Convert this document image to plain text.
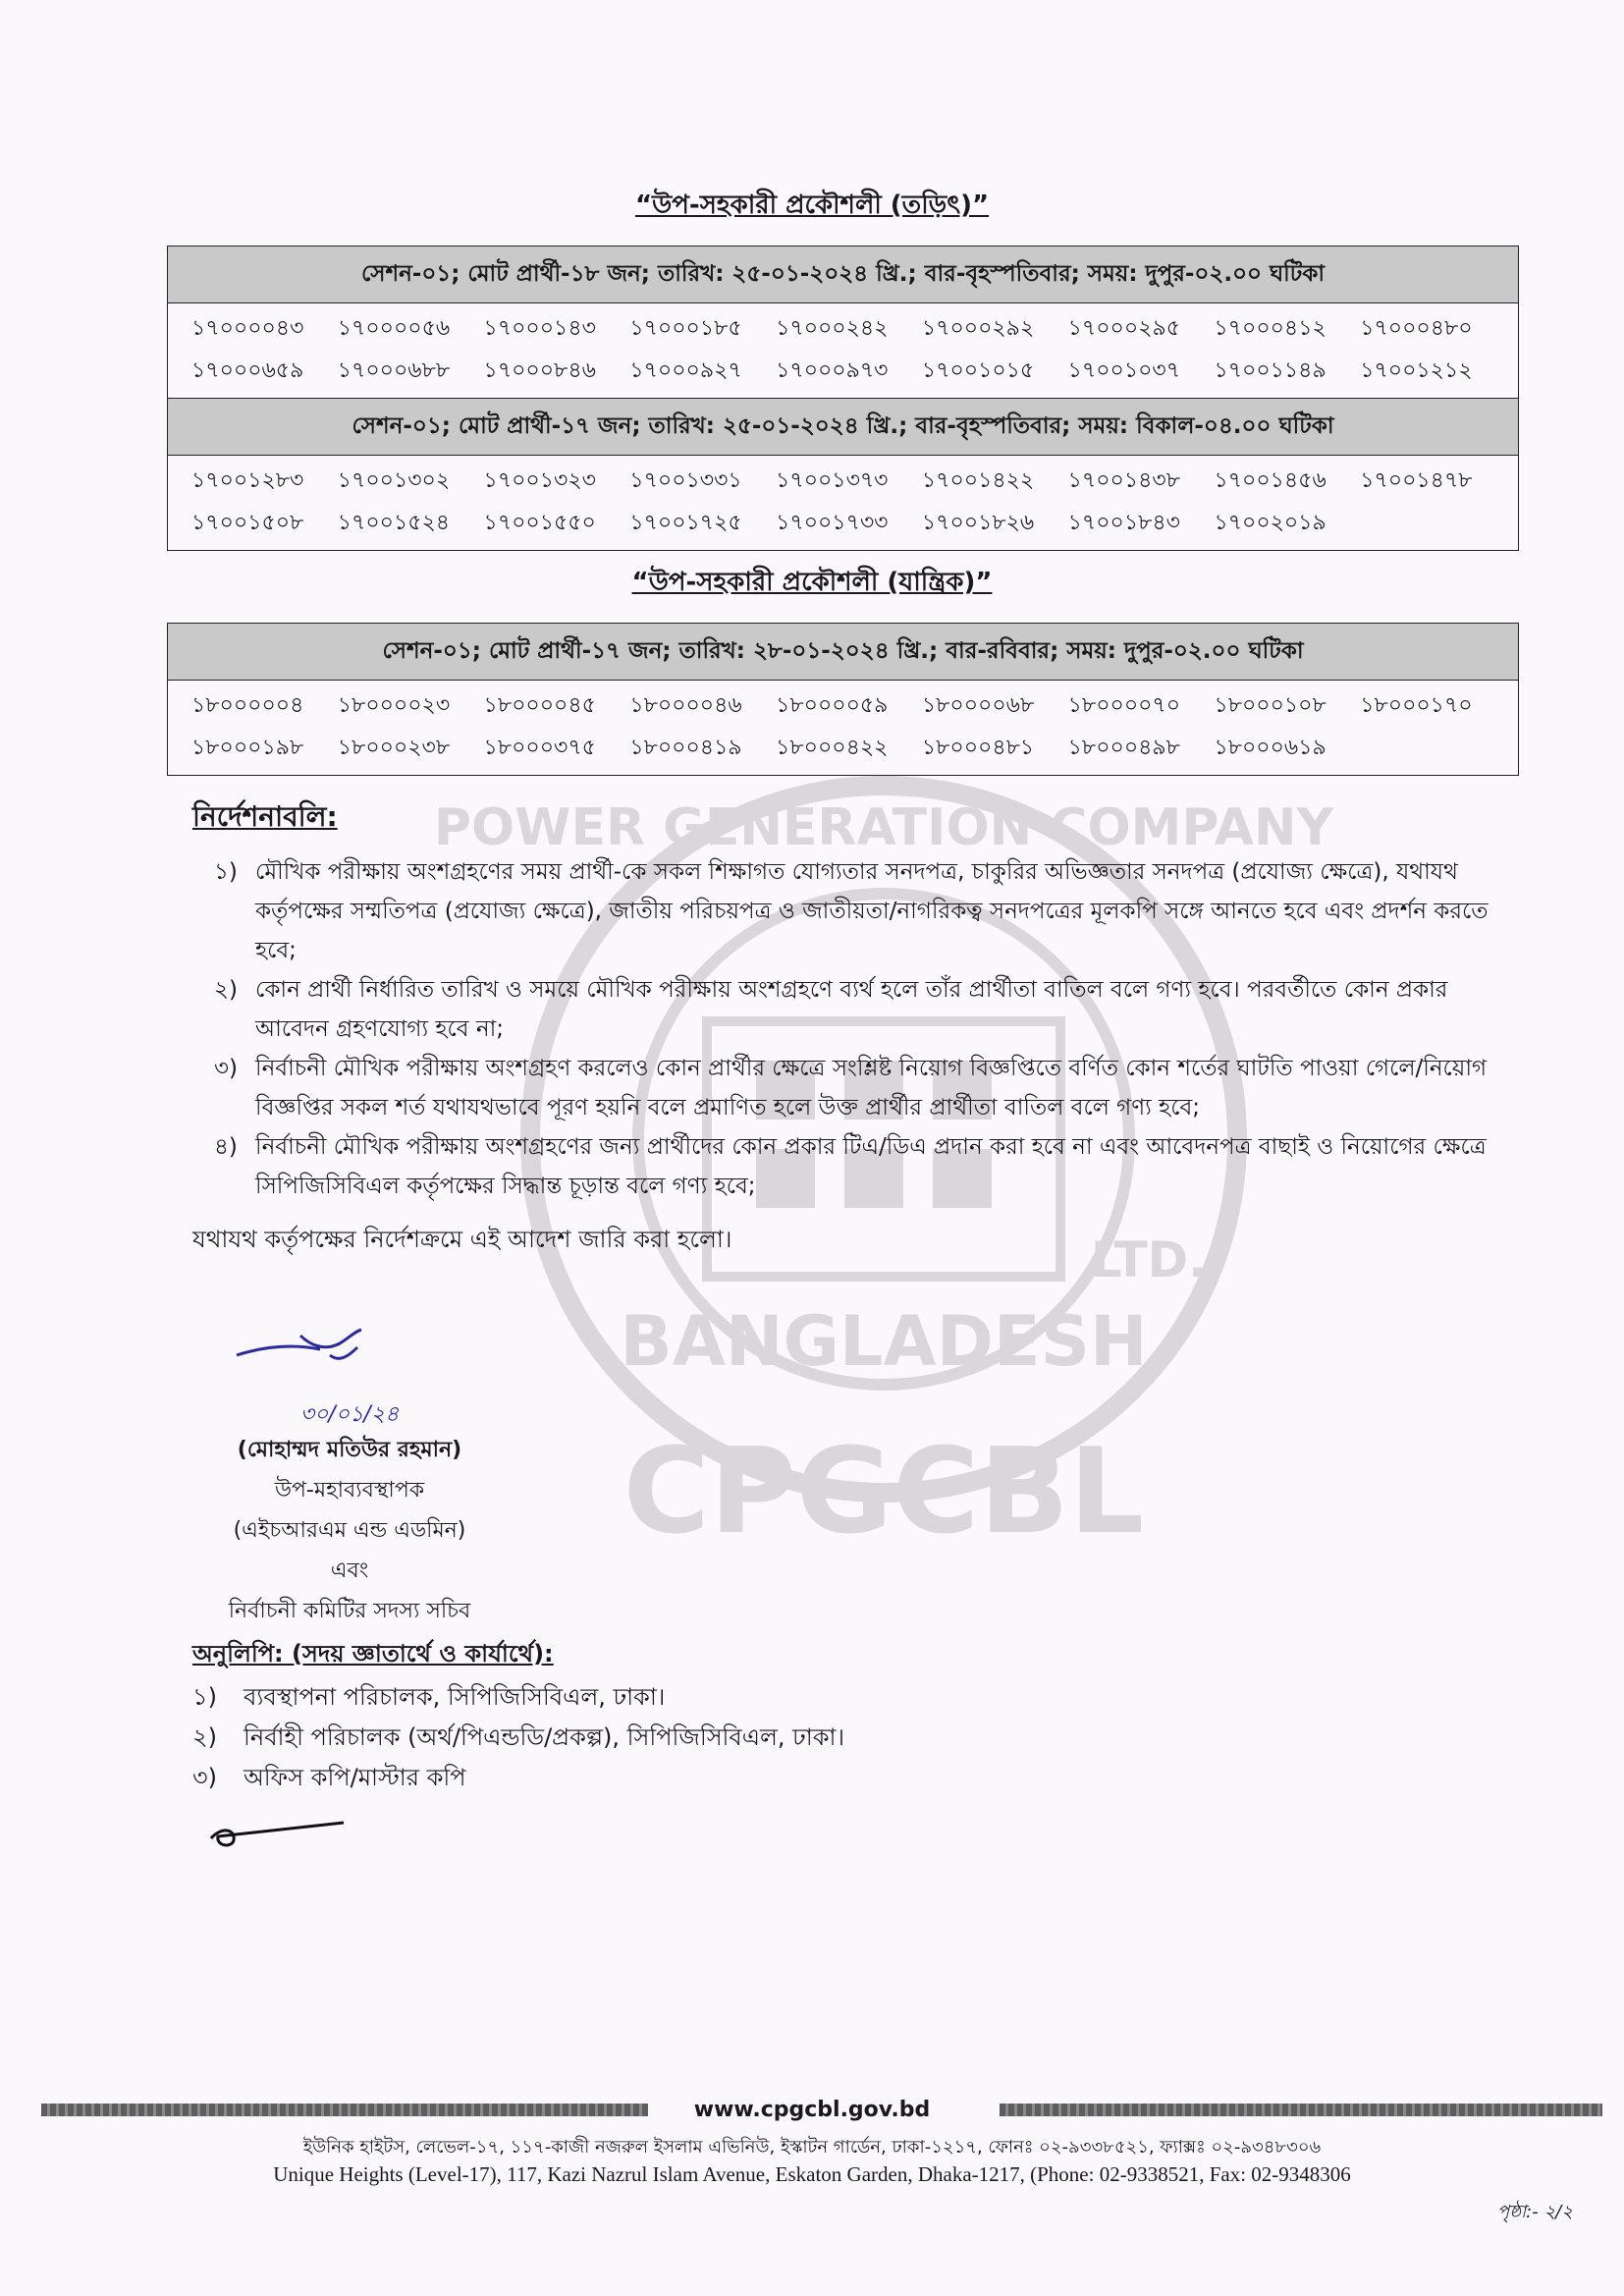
BANGLADESH
CPGCBL
POWER GENERATION COMPANY
LTD.
“উপ-সহকারী প্রকৌশলী (তড়িৎ)”
সেশন-০১; মোট প্রার্থী-১৮ জন; তারিখ: ২৫-০১-২০২৪ খ্রি.; বার-বৃহস্পতিবার; সময়: দুপুর-০২.০০ ঘটিকা
১৭০০০০৪৩	১৭০০০০৫৬	১৭০০০১৪৩	১৭০০০১৮৫	১৭০০০২৪২	১৭০০০২৯২	১৭০০০২৯৫	১৭০০০৪১২	১৭০০০৪৮০
১৭০০০৬৫৯	১৭০০০৬৮৮	১৭০০০৮৪৬	১৭০০০৯২৭	১৭০০০৯৭৩	১৭০০১০১৫	১৭০০১০৩৭	১৭০০১১৪৯	১৭০০১২১২
সেশন-০১; মোট প্রার্থী-১৭ জন; তারিখ: ২৫-০১-২০২৪ খ্রি.; বার-বৃহস্পতিবার; সময়: বিকাল-০৪.০০ ঘটিকা
১৭০০১২৮৩	১৭০০১৩০২	১৭০০১৩২৩	১৭০০১৩৩১	১৭০০১৩৭৩	১৭০০১৪২২	১৭০০১৪৩৮	১৭০০১৪৫৬	১৭০০১৪৭৮
১৭০০১৫০৮	১৭০০১৫২৪	১৭০০১৫৫০	১৭০০১৭২৫	১৭০০১৭৩৩	১৭০০১৮২৬	১৭০০১৮৪৩	১৭০০২০১৯
“উপ-সহকারী প্রকৌশলী (যান্ত্রিক)”
সেশন-০১; মোট প্রার্থী-১৭ জন; তারিখ: ২৮-০১-২০২৪ খ্রি.; বার-রবিবার; সময়: দুপুর-০২.০০ ঘটিকা
১৮০০০০০৪	১৮০০০০২৩	১৮০০০০৪৫	১৮০০০০৪৬	১৮০০০০৫৯	১৮০০০০৬৮	১৮০০০০৭০	১৮০০০১০৮	১৮০০০১৭০
১৮০০০১৯৮	১৮০০০২৩৮	১৮০০০৩৭৫	১৮০০০৪১৯	১৮০০০৪২২	১৮০০০৪৮১	১৮০০০৪৯৮	১৮০০০৬১৯
নির্দেশনাবলি:
১) মৌখিক পরীক্ষায় অংশগ্রহণের সময় প্রার্থী-কে সকল শিক্ষাগত যোগ্যতার সনদপত্র, চাকুরির অভিজ্ঞতার সনদপত্র (প্রযোজ্য ক্ষেত্রে), যথাযথ কর্তৃপক্ষের সম্মতিপত্র (প্রযোজ্য ক্ষেত্রে), জাতীয় পরিচয়পত্র ও জাতীয়তা/নাগরিকত্ব সনদপত্রের মূলকপি সঙ্গে আনতে হবে এবং প্রদর্শন করতে হবে;
২) কোন প্রার্থী নির্ধারিত তারিখ ও সময়ে মৌখিক পরীক্ষায় অংশগ্রহণে ব্যর্থ হলে তাঁর প্রার্থীতা বাতিল বলে গণ্য হবে। পরবর্তীতে কোন প্রকার আবেদন গ্রহণযোগ্য হবে না;
৩) নির্বাচনী মৌখিক পরীক্ষায় অংশগ্রহণ করলেও কোন প্রার্থীর ক্ষেত্রে সংশ্লিষ্ট নিয়োগ বিজ্ঞপ্তিতে বর্ণিত কোন শর্তের ঘাটতি পাওয়া গেলে/নিয়োগ বিজ্ঞপ্তির সকল শর্ত যথাযথভাবে পূরণ হয়নি বলে প্রমাণিত হলে উক্ত প্রার্থীর প্রার্থীতা বাতিল বলে গণ্য হবে;
৪) নির্বাচনী মৌখিক পরীক্ষায় অংশগ্রহণের জন্য প্রার্থীদের কোন প্রকার টিএ/ডিএ প্রদান করা হবে না এবং আবেদনপত্র বাছাই ও নিয়োগের ক্ষেত্রে সিপিজিসিবিএল কর্তৃপক্ষের সিদ্ধান্ত চূড়ান্ত বলে গণ্য হবে;
যথাযথ কর্তৃপক্ষের নির্দেশক্রমে এই আদেশ জারি করা হলো।
৩০/০১/২৪
(মোহাম্মদ মতিউর রহমান)
উপ-মহাব্যবস্থাপক
(এইচআরএম এন্ড এডমিন)
এবং
নির্বাচনী কমিটির সদস্য সচিব
অনুলিপি: (সদয় জ্ঞাতার্থে ও কার্যার্থে):
১)	ব্যবস্থাপনা পরিচালক, সিপিজিসিবিএল, ঢাকা।
২)	নির্বাহী পরিচালক (অর্থ/পিএন্ডডি/প্রকল্প), সিপিজিসিবিএল, ঢাকা।
৩)	অফিস কপি/মাস্টার কপি
www.cpgcbl.gov.bd
ইউনিক হাইটস, লেভেল-১৭, ১১৭-কাজী নজরুল ইসলাম এভিনিউ, ইস্কাটন গার্ডেন, ঢাকা-১২১৭, ফোনঃ ০২-৯৩৩৮৫২১, ফ্যাক্সঃ ০২-৯৩৪৮৩০৬
Unique Heights (Level-17), 117, Kazi Nazrul Islam Avenue, Eskaton Garden, Dhaka-1217, (Phone: 02-9338521, Fax: 02-9348306
পৃষ্ঠা:- ২/২
